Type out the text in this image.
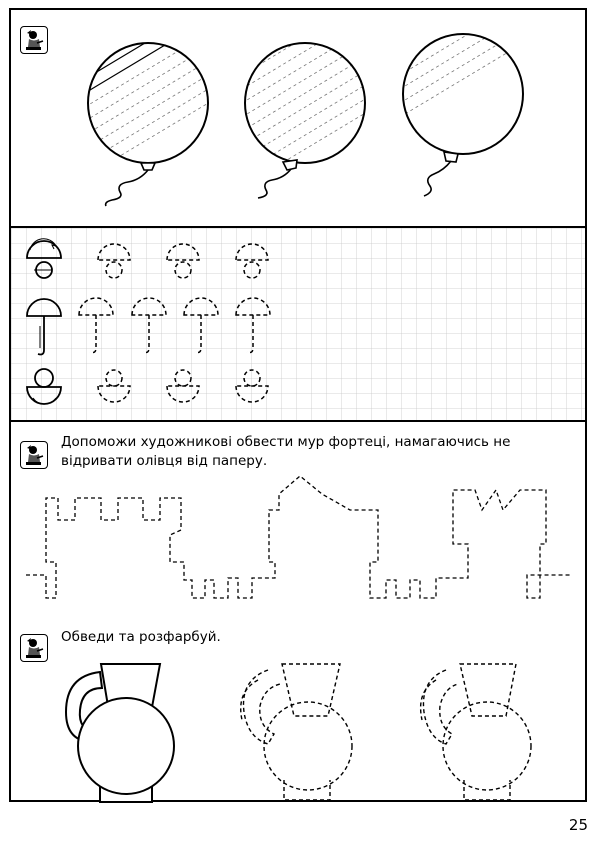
Допоможи художникові обвести мур фортеці, намагаючись не відривати олівця від паперу.
Обведи та розфарбуй.
25
